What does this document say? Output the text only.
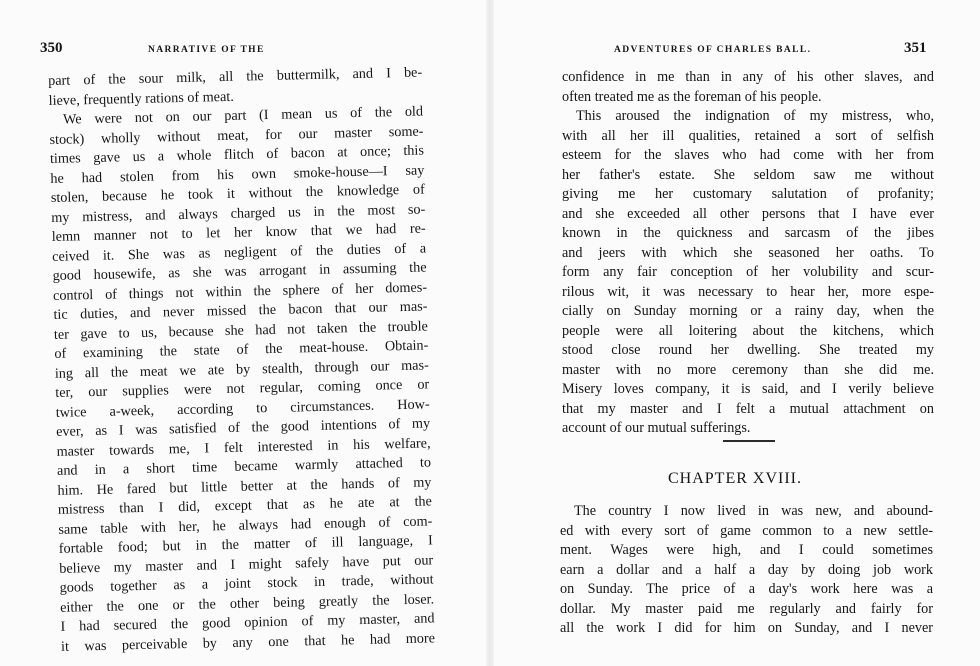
350	NARRATIVE OF THE
part of the sour milk, all the buttermilk, and I be-
lieve, frequently rations of meat.
We were not on our part (I mean us of the old
stock) wholly without meat, for our master some-
times gave us a whole flitch of bacon at once; this
he had stolen from his own smoke-house—I say
stolen, because he took it without the knowledge of
my mistress, and always charged us in the most so-
lemn manner not to let her know that we had re-
ceived it. She was as negligent of the duties of a
good housewife, as she was arrogant in assuming the
control of things not within the sphere of her domes-
tic duties, and never missed the bacon that our mas-
ter gave to us, because she had not taken the trouble
of examining the state of the meat-house. Obtain-
ing all the meat we ate by stealth, through our mas-
ter, our supplies were not regular, coming once or
twice a-week, according to circumstances. How-
ever, as I was satisfied of the good intentions of my
master towards me, I felt interested in his welfare,
and in a short time became warmly attached to
him. He fared but little better at the hands of my
mistress than I did, except that as he ate at the
same table with her, he always had enough of com-
fortable food; but in the matter of ill language, I
believe my master and I might safely have put our
goods together as a joint stock in trade, without
either the one or the other being greatly the loser.
I had secured the good opinion of my master, and
it was perceivable by any one that he had more
ADVENTURES OF CHARLES BALL.	351
confidence in me than in any of his other slaves, and
often treated me as the foreman of his people.
This aroused the indignation of my mistress, who,
with all her ill qualities, retained a sort of selfish
esteem for the slaves who had come with her from
her father's estate. She seldom saw me without
giving me her customary salutation of profanity;
and she exceeded all other persons that I have ever
known in the quickness and sarcasm of the jibes
and jeers with which she seasoned her oaths. To
form any fair conception of her volubility and scur-
rilous wit, it was necessary to hear her, more espe-
cially on Sunday morning or a rainy day, when the
people were all loitering about the kitchens, which
stood close round her dwelling. She treated my
master with no more ceremony than she did me.
Misery loves company, it is said, and I verily believe
that my master and I felt a mutual attachment on
account of our mutual sufferings.
CHAPTER XVIII.
The country I now lived in was new, and abound-
ed with every sort of game common to a new settle-
ment. Wages were high, and I could sometimes
earn a dollar and a half a day by doing job work
on Sunday. The price of a day's work here was a
dollar. My master paid me regularly and fairly for
all the work I did for him on Sunday, and I never
